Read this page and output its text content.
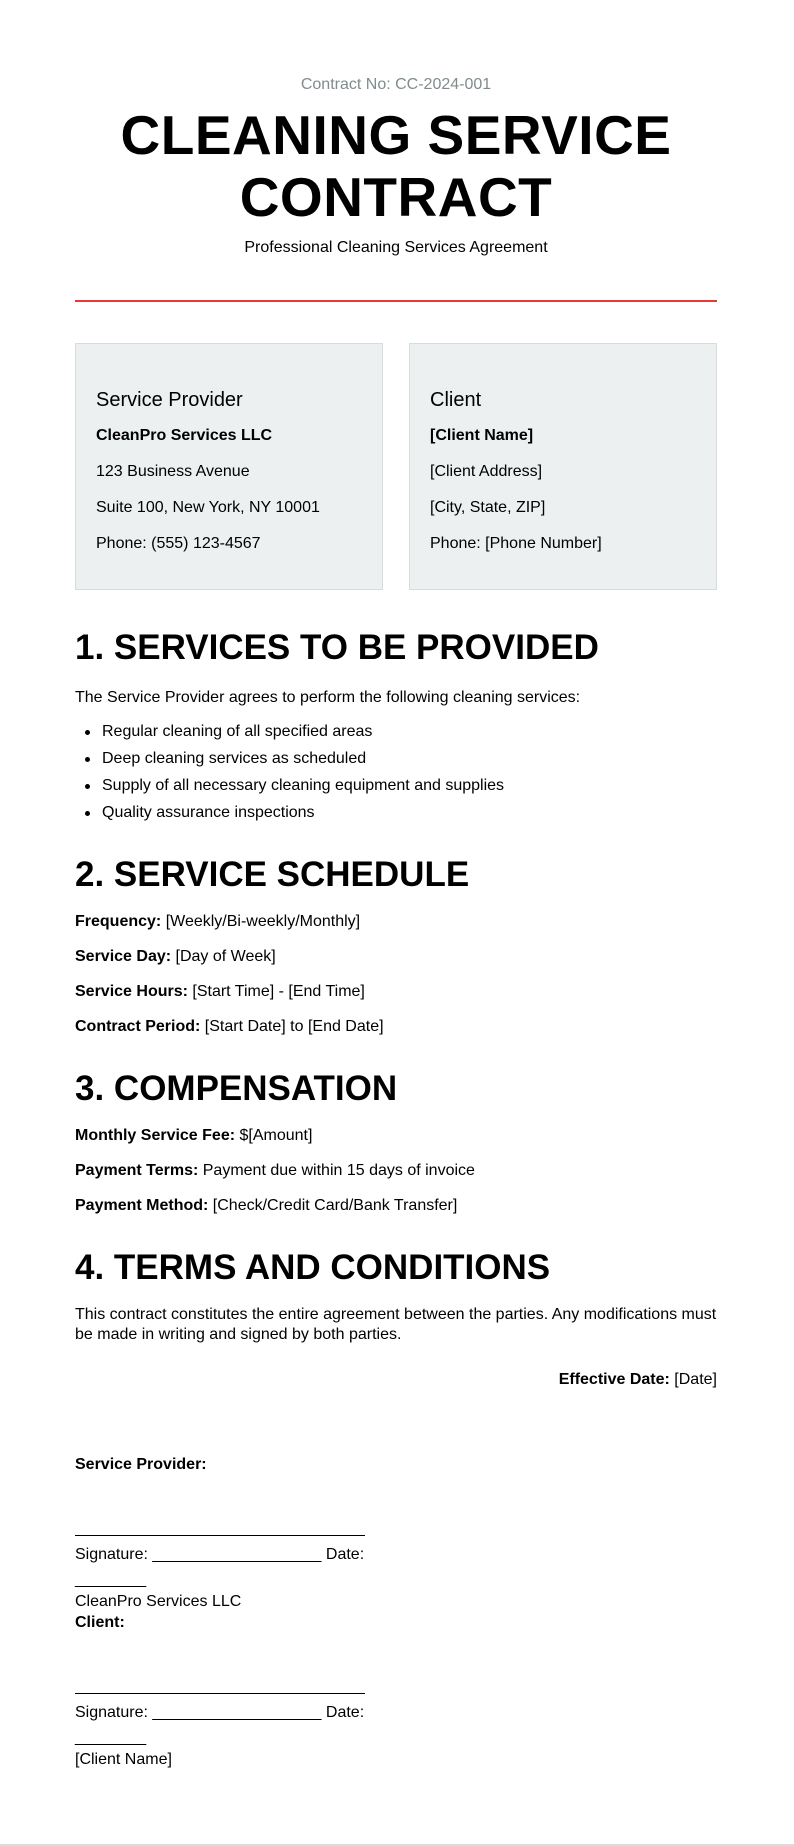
Contract No: CC-2024-001
CLEANING SERVICE CONTRACT
Professional Cleaning Services Agreement
Service Provider
CleanPro Services LLC
123 Business Avenue
Suite 100, New York, NY 10001
Phone: (555) 123-4567
Client
[Client Name]
[Client Address]
[City, State, ZIP]
Phone: [Phone Number]
1. SERVICES TO BE PROVIDED

The Service Provider agrees to perform the following cleaning services:

Regular cleaning of all specified areas
Deep cleaning services as scheduled
Supply of all necessary cleaning equipment and supplies
Quality assurance inspections
2. SERVICE SCHEDULE
Frequency: [Weekly/Bi-weekly/Monthly]
Service Day: [Day of Week]
Service Hours: [Start Time] - [End Time]
Contract Period: [Start Date] to [End Date]
3. COMPENSATION
Monthly Service Fee: $[Amount]
Payment Terms: Payment due within 15 days of invoice
Payment Method: [Check/Credit Card/Bank Transfer]
4. TERMS AND CONDITIONS

This contract constitutes the entire agreement between the parties. Any modifications must be made in writing and signed by both parties.

Effective Date: [Date]
Service Provider:
Signature: ___________________ Date: ________
CleanPro Services LLC
Client:
Signature: ___________________ Date: ________
[Client Name]
